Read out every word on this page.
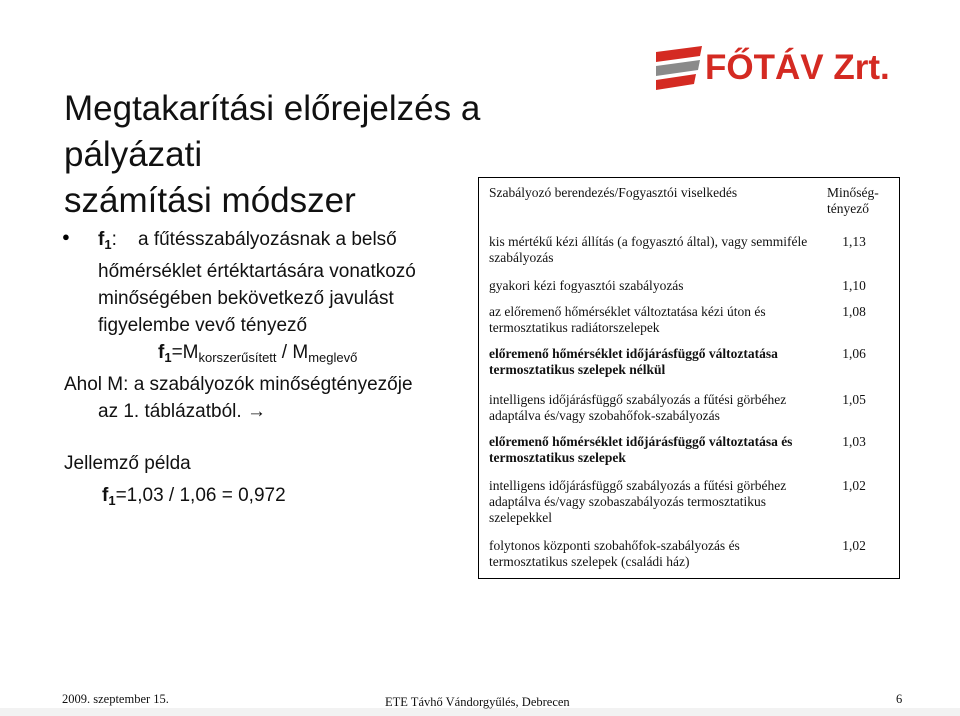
FŐTÁV Zrt.
Megtakarítási előrejelzés a pályázati
számítási módszer
● $f_1$: a fűtésszabályozásnak a belső
hőmérséklet értéktartására vonatkozó
minőségében bekövetkező javulást
figyelembe vevő tényező
$f_1=M_{korszerűsített} / M_{meglevő}$
Ahol M: a szabályozók minőségtényezője
az 1. táblázatból. →
Jellemző példa
$f_1=1,03 / 1,06 = 0,972$
Szabályozó berendezés/Fogyasztói viselkedés	Minőség-tényező
kis mértékű kézi állítás (a fogyasztó által), vagy semmiféle szabályozás	1,13
gyakori kézi fogyasztói szabályozás	1,10
az előremenő hőmérséklet változtatása kézi úton és termosztatikus radiátorszelepek	1,08
előremenő hőmérséklet időjárásfüggő változtatása termosztatikus szelepek nélkül	1,06
intelligens időjárásfüggő szabályozás a fűtési görbéhez adaptálva és/vagy szobahőfok-szabályozás	1,05
előremenő hőmérséklet időjárásfüggő változtatása és termosztatikus szelepek	1,03
intelligens időjárásfüggő szabályozás a fűtési görbéhez adaptálva és/vagy szobaszabályozás termosztatikus szelepekkel	1,02
folytonos központi szobahőfok-szabályozás és termosztatikus szelepek (családi ház)	1,02
2009. szeptember 15.	ETE Távhő Vándorgyűlés, Debrecen	6
